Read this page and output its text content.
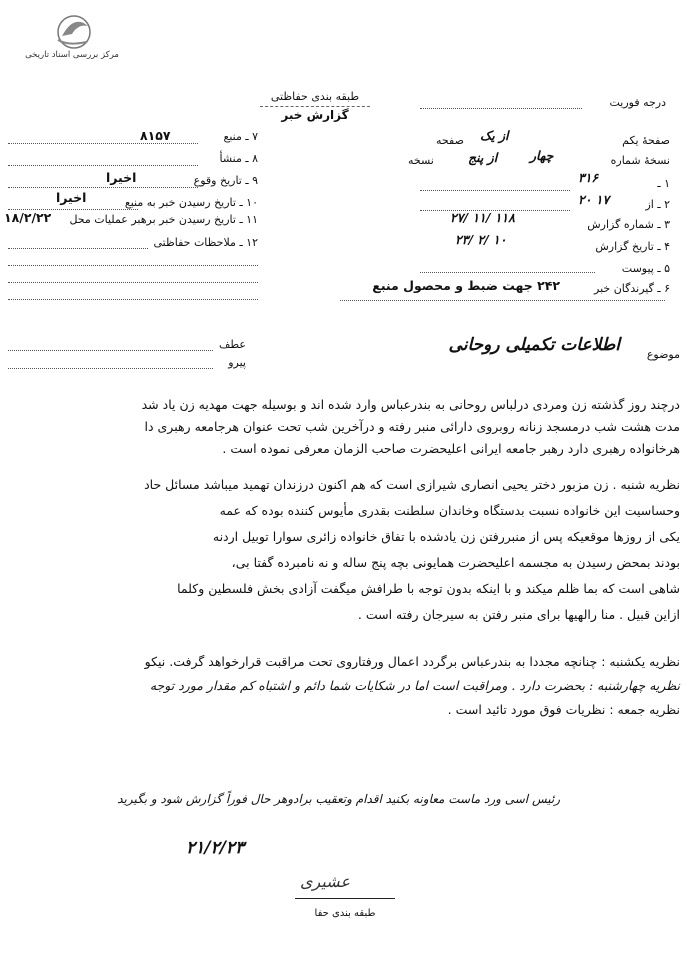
مرکز بررسی اسناد تاریخی
طبقه بندی حفاظتی
گزارش خبر
درجه فوریت
۷ ـ منبع
۸۱۵۷
۸ ـ منشأ
۹ ـ تاریخ وقوع
اخیرا
۱۰ ـ تاریخ رسیدن خبر به منبع
اخیرا
۱۱ ـ تاریخ رسیدن خبر برهبر عملیات محل
۱۸/۲/۲۲
۱۲ ـ ملاحظات حفاظتی
صفحهٔ یکم
از یک
صفحه
نسخهٔ شماره
چهار
از پنج
نسخه
۱ ـ
۳۱۶
۲ ـ از
۲۰ ۱۷
۳ ـ شماره گزارش
۲۷/ ۱۱/ ۱۱۸
۴ ـ تاریخ گزارش
۲۳/ ۲/ ۱۰
۵ ـ پیوست
۶ ـ گیرندگان خبر
۲۴۲ جهت ضبط و محصول منبع
عطف
پیرو
موضوع
اطلاعات تکمیلی روحانی
درچند روز گذشته زن ومردی درلباس روحانی به بندرعباس وارد شده اند و بوسیله جهت مهدیه زن یاد شد
مدت هشت شب درمسجد زنانه روبروی دارائی منبر رفته و درآخرین شب تحت عنوان هرجامعه رهبری دا
هرخانواده رهبری دارد رهبر جامعه ایرانی اعلیحضرت صاحب الزمان معرفی نموده است .
نظریه شنبه . زن مزبور دختر یحیی انصاری شیرازی است که هم اکنون درزندان تهمید میباشد مسائل حاد
وحساسیت این خانواده نسبت بدستگاه وخاندان سلطنت بقدری مأیوس کننده بوده که عمه
یکی از روزها موقعیکه پس از منبررفتن زن یادشده با تفاق خانواده زائری سوارا توبیل اردنه
بودند بمحض رسیدن به مجسمه اعلیحضرت همایونی بچه پنج ساله و نه نامبرده گفتا بی،
شاهی است که بما ظلم میکند و با اینکه بدون توجه با طرافش میگفت آزادی بخش فلسطین وکلما
ازاین قبیل . منا رالهیها برای منبر رفتن به سیرجان رفته است .
نظریه یکشنبه : چنانچه مجددا به بندرعباس برگردد اعمال ورفتاروی تحت مراقبت قرارخواهد گرفت. نیکو
نظریه چهارشنبه : بحضرت دارد . ومراقبت است اما در شکایات شما دائم و اشتباه کم مقدار مورد توجه
نظریه جمعه : نظریات فوق مورد تائید است .
رئیس اسی ورد ماست معاونه بکنید اقدام وتعقیب برادوهر حال فوراً گزارش شود و بگیرید
۲۱/۲/۲۳
عشیری
طبقه بندی حفا
